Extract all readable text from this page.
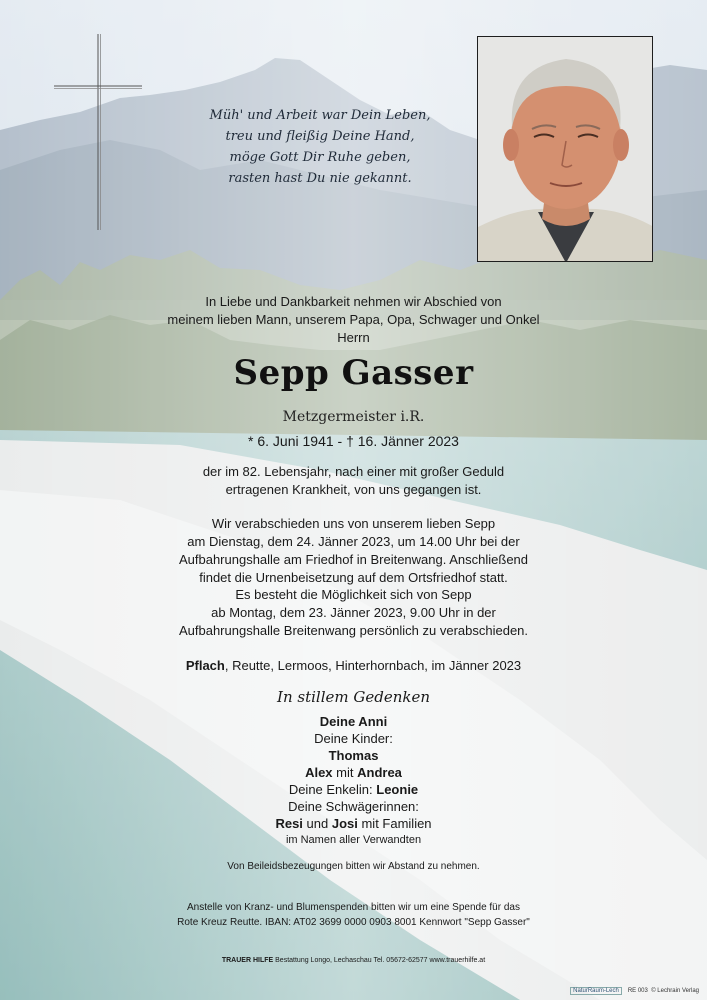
Müh' und Arbeit war Dein Leben,
treu und fleißig Deine Hand,
möge Gott Dir Ruhe geben,
rasten hast Du nie gekannt.
In Liebe und Dankbarkeit nehmen wir Abschied von
meinem lieben Mann, unserem Papa, Opa, Schwager und Onkel
Herrn
Sepp Gasser
Metzgermeister i.R.
* 6. Juni 1941 - † 16. Jänner 2023
der im 82. Lebensjahr, nach einer mit großer Geduld
ertragenen Krankheit, von uns gegangen ist.
Wir verabschieden uns von unserem lieben Sepp
am Dienstag, dem 24. Jänner 2023, um 14.00 Uhr bei der
Aufbahrungshalle am Friedhof in Breitenwang. Anschließend
findet die Urnenbeisetzung auf dem Ortsfriedhof statt.
Es besteht die Möglichkeit sich von Sepp
ab Montag, dem 23. Jänner 2023, 9.00 Uhr in der
Aufbahrungshalle Breitenwang persönlich zu verabschieden.
Pflach, Reutte, Lermoos, Hinterhornbach, im Jänner 2023
In stillem Gedenken
Deine Anni
Deine Kinder:
Thomas
Alex mit Andrea
Deine Enkelin: Leonie
Deine Schwägerinnen:
Resi und Josi mit Familien
im Namen aller Verwandten
Von Beileidsbezeugungen bitten wir Abstand zu nehmen.
Anstelle von Kranz- und Blumenspenden bitten wir um eine Spende für das
Rote Kreuz Reutte. IBAN: AT02 3699 0000 0903 8001 Kennwort "Sepp Gasser"
TRAUER HILFE Bestattung Longo, Lechaschau Tel. 05672-62577 www.trauerhilfe.at
NaturRaum-Lech RE 003 © Lechrain Verlag
